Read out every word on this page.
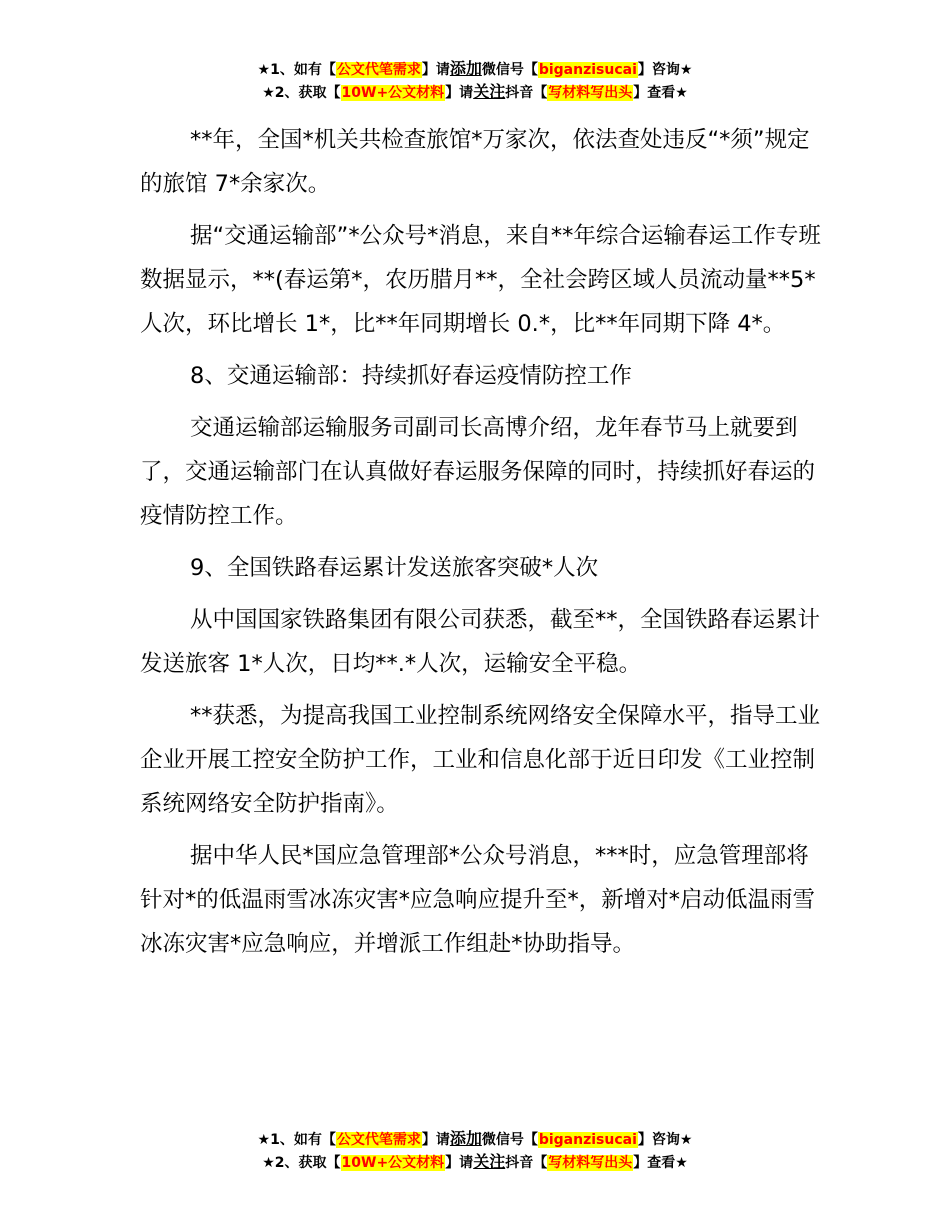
★1、如有【公文代笔需求】请添加微信号【biganzisucai】咨询★
★2、获取【10W+公文材料】请关注抖音【写材料写出头】查看★

**年，全国*机关共检查旅馆*万家次，依法查处违反“*须”规定的旅馆 7*余家次。

据“交通运输部”*公众号*消息，来自**年综合运输春运工作专班数据显示，**(春运第*，农历腊月**，全社会跨区域人员流动量**5*人次，环比增长 1*，比**年同期增长 0.*，比**年同期下降 4*。

8、交通运输部：持续抓好春运疫情防控工作

交通运输部运输服务司副司长高博介绍，龙年春节马上就要到了，交通运输部门在认真做好春运服务保障的同时，持续抓好春运的疫情防控工作。

9、全国铁路春运累计发送旅客突破*人次

从中国国家铁路集团有限公司获悉，截至**，全国铁路春运累计发送旅客 1*人次，日均**.*人次，运输安全平稳。

**获悉，为提高我国工业控制系统网络安全保障水平，指导工业企业开展工控安全防护工作，工业和信息化部于近日印发《工业控制系统网络安全防护指南》。

据中华人民*国应急管理部*公众号消息，***时，应急管理部将针对*的低温雨雪冰冻灾害*应急响应提升至*，新增对*启动低温雨雪冰冻灾害*应急响应，并增派工作组赴*协助指导。

★1、如有【公文代笔需求】请添加微信号【biganzisucai】咨询★
★2、获取【10W+公文材料】请关注抖音【写材料写出头】查看★
